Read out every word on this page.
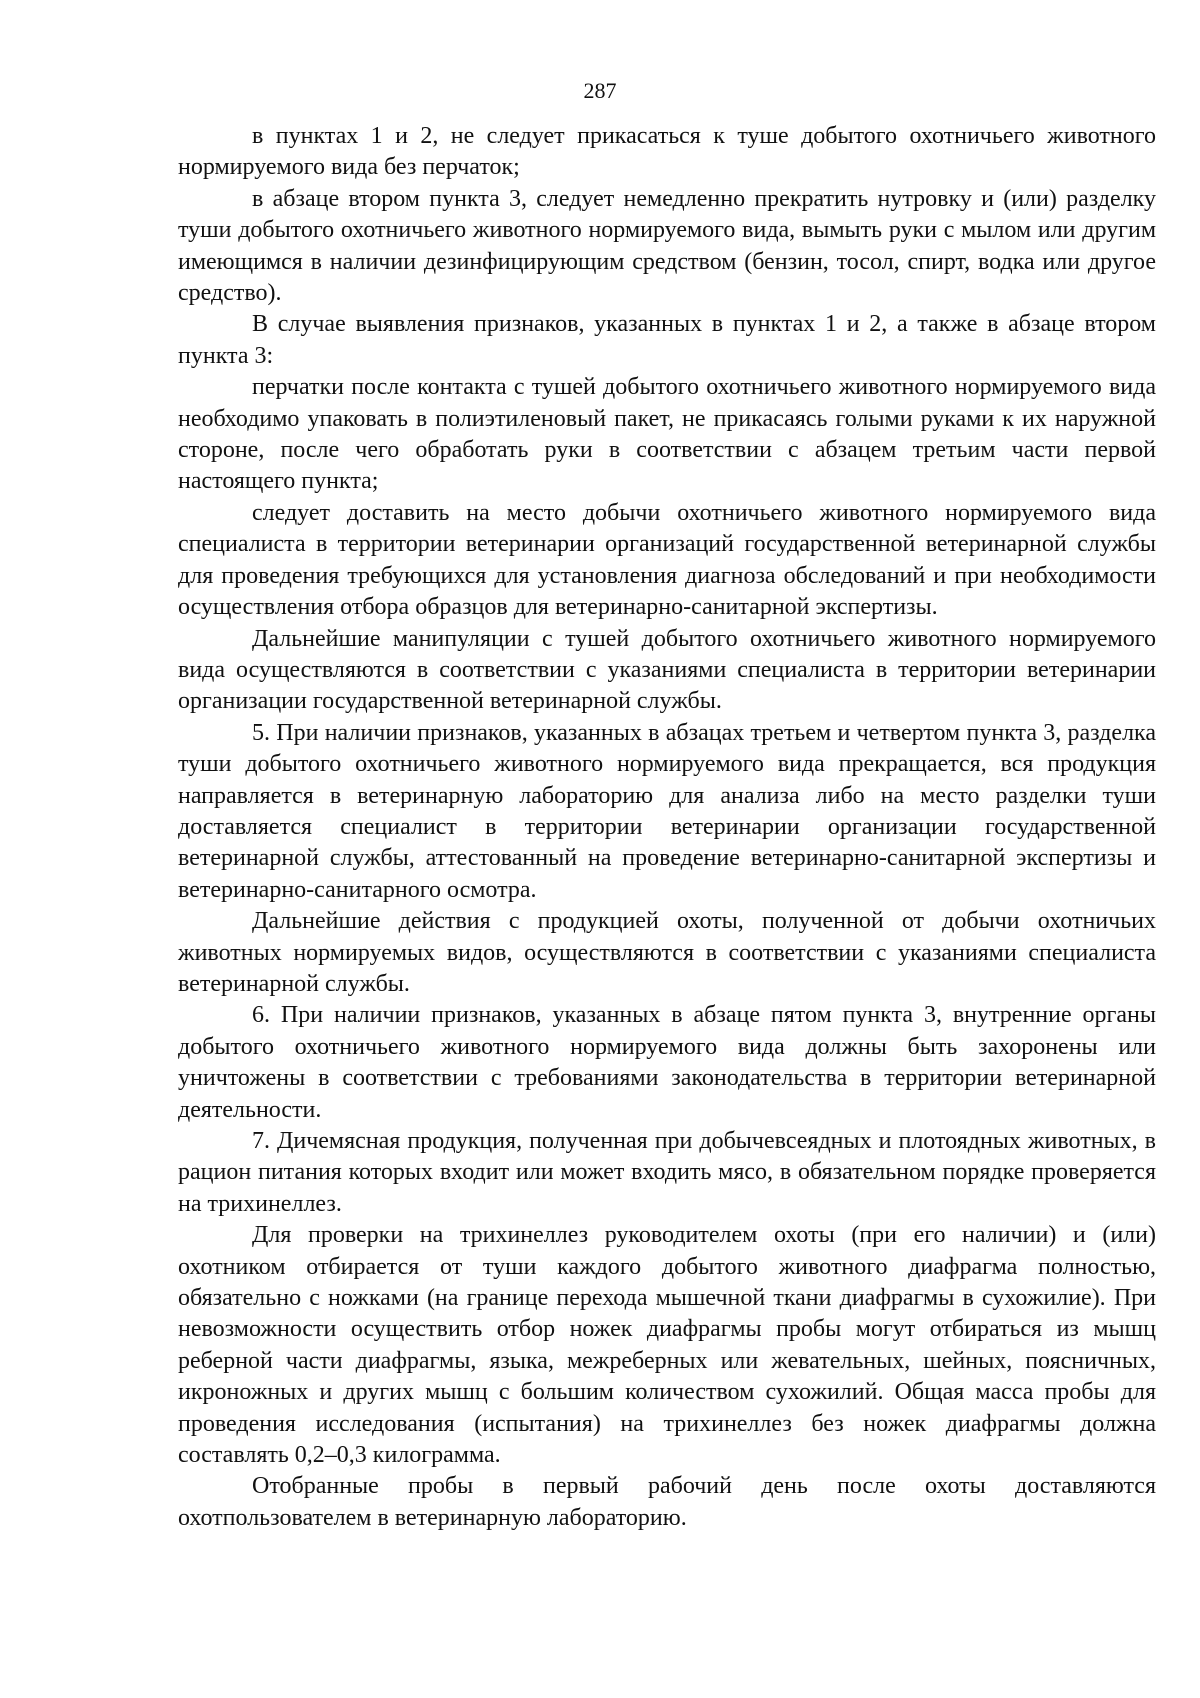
287

в пунктах 1 и 2, не следует прикасаться к туше добытого охотничьего животного нормируемого вида без перчаток;

в абзаце втором пункта 3, следует немедленно прекратить нутровку и (или) разделку туши добытого охотничьего животного нормируемого вида, вымыть руки с мылом или другим имеющимся в наличии дезинфицирующим средством (бензин, тосол, спирт, водка или другое средство).

В случае выявления признаков, указанных в пунктах 1 и 2, а также в абзаце втором пункта 3:

перчатки после контакта с тушей добытого охотничьего животного нормируемого вида необходимо упаковать в полиэтиленовый пакет, не прикасаясь голыми руками к их наружной стороне, после чего обработать руки в соответствии с абзацем третьим части первой настоящего пункта;

следует доставить на место добычи охотничьего животного нормируемого вида специалиста в территории ветеринарии организаций государственной ветеринарной службы для проведения требующихся для установления диагноза обследований и при необходимости осуществления отбора образцов для ветеринарно-санитарной экспертизы.

Дальнейшие манипуляции с тушей добытого охотничьего животного нормируемого вида осуществляются в соответствии с указаниями специалиста в территории ветеринарии организации государственной ветеринарной службы.

5. При наличии признаков, указанных в абзацах третьем и четвертом пункта 3, разделка туши добытого охотничьего животного нормируемого вида прекращается, вся продукция направляется в ветеринарную лабораторию для анализа либо на место разделки туши доставляется специалист в территории ветеринарии организации государственной ветеринарной службы, аттестованный на проведение ветеринарно-санитарной экспертизы и ветеринарно-санитарного осмотра.

Дальнейшие действия с продукцией охоты, полученной от добычи охотничьих животных нормируемых видов, осуществляются в соответствии с указаниями специалиста ветеринарной службы.

6. При наличии признаков, указанных в абзаце пятом пункта 3, внутренние органы добытого охотничьего животного нормируемого вида должны быть захоронены или уничтожены в соответствии с требованиями законодательства в территории ветеринарной деятельности.

7. Дичемясная продукция, полученная при добычевсеядных и плотоядных животных, в рацион питания которых входит или может входить мясо, в обязательном порядке проверяется на трихинеллез.

Для проверки на трихинеллез руководителем охоты (при его наличии) и (или) охотником отбирается от туши каждого добытого животного диафрагма полностью, обязательно с ножками (на границе перехода мышечной ткани диафрагмы в сухожилие). При невозможности осуществить отбор ножек диафрагмы пробы могут отбираться из мышц реберной части диафрагмы, языка, межреберных или жевательных, шейных, поясничных, икроножных и других мышц с большим количеством сухожилий. Общая масса пробы для проведения исследования (испытания) на трихинеллез без ножек диафрагмы должна составлять 0,2–0,3 килограмма.

Отобранные пробы в первый рабочий день после охоты доставляются охотпользователем в ветеринарную лабораторию.
